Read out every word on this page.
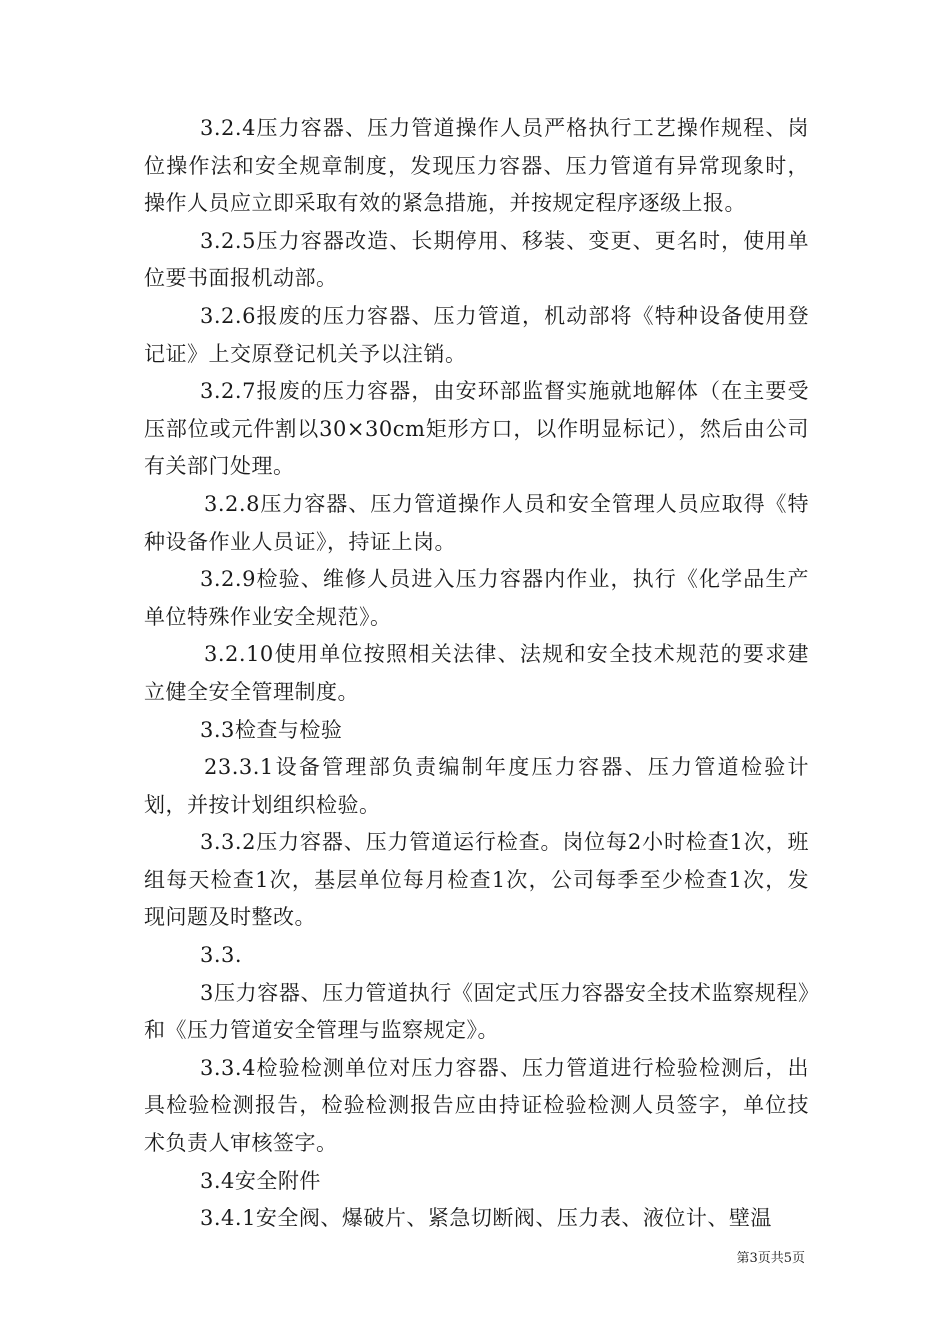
3.2.4压力容器、压力管道操作人员严格执行工艺操作规程、岗位操作法和安全规章制度，发现压力容器、压力管道有异常现象时，操作人员应立即采取有效的紧急措施，并按规定程序逐级上报。

3.2.5压力容器改造、长期停用、移装、变更、更名时，使用单位要书面报机动部。

3.2.6报废的压力容器、压力管道，机动部将《特种设备使用登记证》上交原登记机关予以注销。

3.2.7报废的压力容器，由安环部监督实施就地解体（在主要受压部位或元件割以30×30cm矩形方口，以作明显标记），然后由公司有关部门处理。

3.2.8压力容器、压力管道操作人员和安全管理人员应取得《特种设备作业人员证》，持证上岗。

3.2.9检验、维修人员进入压力容器内作业，执行《化学品生产单位特殊作业安全规范》。

3.2.10使用单位按照相关法律、法规和安全技术规范的要求建立健全安全管理制度。

3.3检查与检验

23.3.1设备管理部负责编制年度压力容器、压力管道检验计划，并按计划组织检验。

3.3.2压力容器、压力管道运行检查。岗位每2小时检查1次，班组每天检查1次，基层单位每月检查1次，公司每季至少检查1次，发现问题及时整改。

3.3.

3压力容器、压力管道执行《固定式压力容器安全技术监察规程》和《压力管道安全管理与监察规定》。

3.3.4检验检测单位对压力容器、压力管道进行检验检测后，出具检验检测报告，检验检测报告应由持证检验检测人员签字，单位技术负责人审核签字。

3.4安全附件

3.4.1安全阀、爆破片、紧急切断阀、压力表、液位计、壁温

第3页共5页
